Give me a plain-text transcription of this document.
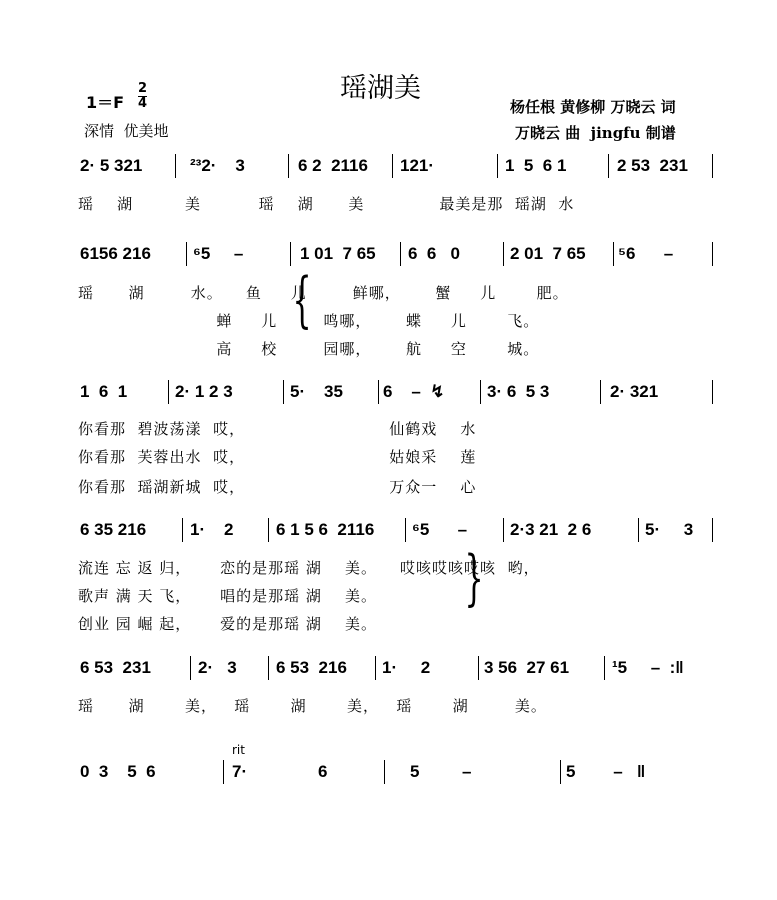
瑶湖美
1＝F
2
4
深情  优美地
杨任根 黄修柳 万晓云 词
万晓云 曲  jingfu 制谱
2· 5 321	²³2·    3	6 2  2116 121·	1  5  6 1	2 53  231
瑶    湖         美          瑶    湖      美             最美是那  瑶湖  水
6156 216 ⁶5     –	1 01  7 65 6  6   0	2 01  7 65 ⁵6      –
瑶      湖        水。    鱼     儿        鲜哪，      蟹     儿       肥。
蝉     儿        鸣哪，      蝶     儿       飞。
高     校        园哪，      航     空       城。
{
1  6  1	2· 1 2 3	5·    35 6    –  ↯	3· 6  5 3	2· 321
你看那  碧波荡漾  哎，                         仙鹤戏    水
你看那  芙蓉出水  哎，                         姑娘采    莲
你看那  瑶湖新城  哎，                         万众一    心
6 35 216	1·    2	6 1 5 6  2116 ⁶5      –	2·3 21  2 6	5·     3
流连 忘 返 归，     恋的是那瑶 湖    美。    哎咳哎咳哎咳  哟，
歌声 满 天 飞，     唱的是那瑶 湖    美。
创业 园 崛 起，     爱的是那瑶 湖    美。
}
6 53  231	2·   3 6 53  216 1·     2	3 56  27 61	¹5     –  :‖
瑶      湖       美，   瑶       湖       美，   瑶       湖        美。
0  3    5  6	7·               6	5         –	5        –   ‖
rit
